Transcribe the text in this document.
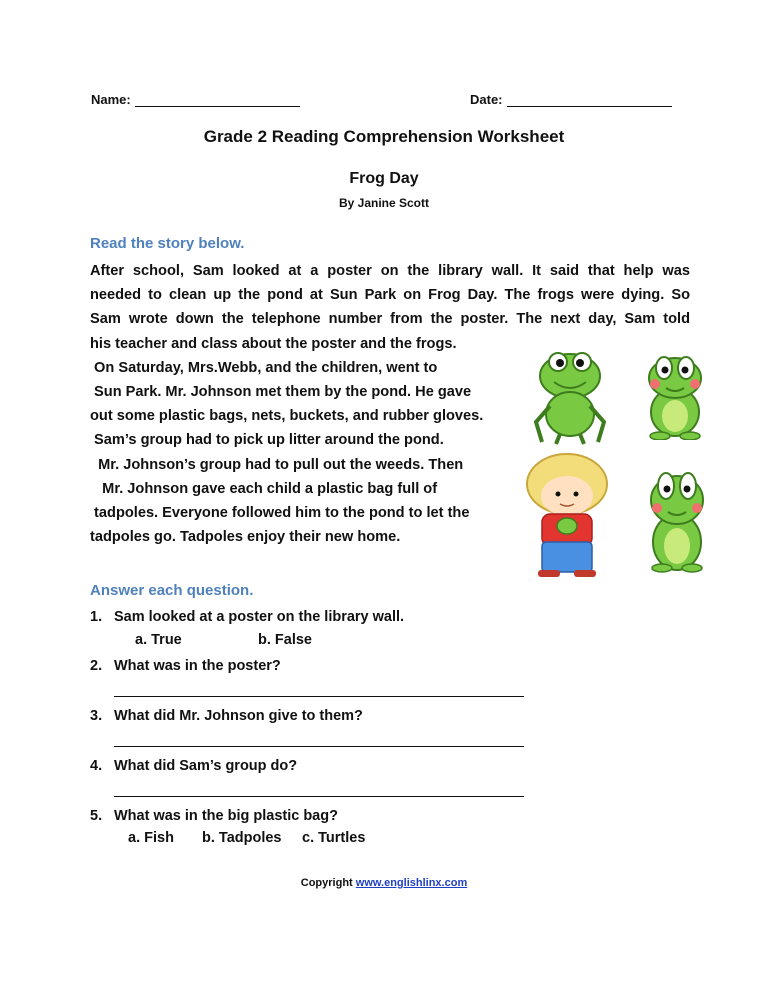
Name:	Date:
Grade 2 Reading Comprehension Worksheet
Frog Day
By Janine Scott
Read the story below.
After school, Sam looked at a poster on the library wall. It said that help was
needed to clean up the pond at Sun Park on Frog Day. The frogs were dying. So
Sam wrote down the telephone number from the poster. The next day, Sam told
his teacher and class about the poster and the frogs.
On Saturday, Mrs.Webb, and the children, went to
Sun Park. Mr. Johnson met them by the pond. He gave
out some plastic bags, nets, buckets, and rubber gloves.
Sam’s group had to pick up litter around the pond.
Mr. Johnson’s group had to pull out the weeds. Then
Mr. Johnson gave each child a plastic bag full of
tadpoles. Everyone followed him to the pond to let the
tadpoles go. Tadpoles enjoy their new home.
Answer each question.
1. Sam looked at a poster on the library wall.
a. True	b. False
2. What was in the poster?
3. What did Mr. Johnson give to them?
4. What did Sam’s group do?
5. What was in the big plastic bag?
a. Fish b. Tadpoles c. Turtles
Copyright www.englishlinx.com
